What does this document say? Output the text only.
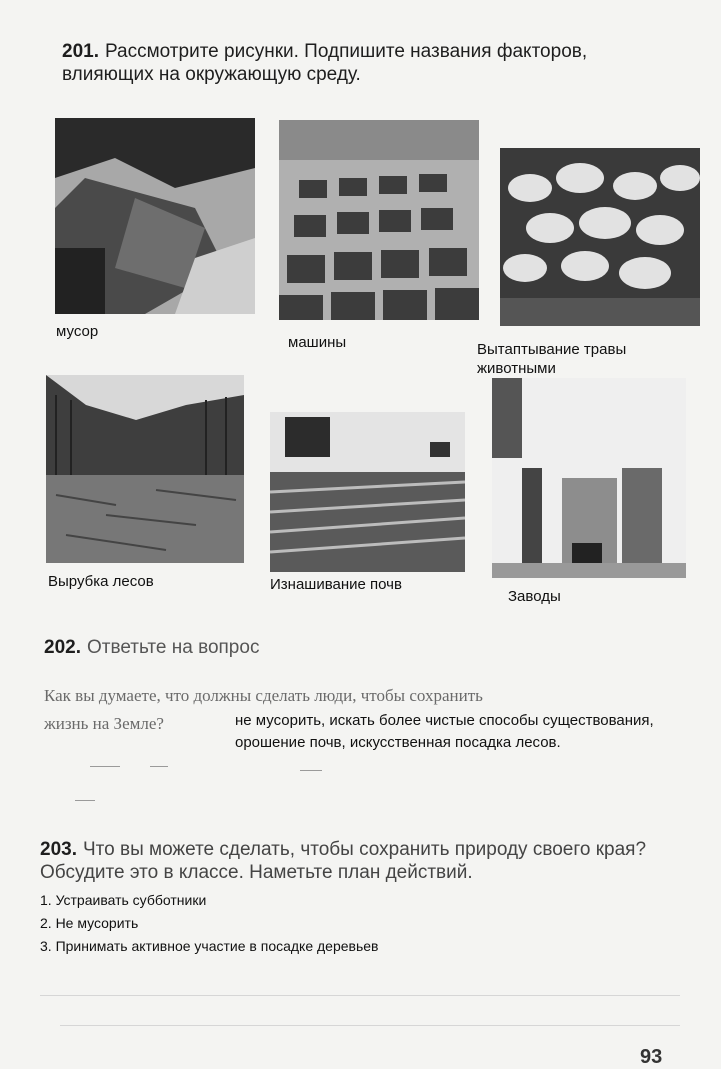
201. Рассмотрите рисунки. Подпишите названия факторов, влияющих на окружающую среду.
мусор
машины	Вытаптывание травы животными
Вырубка лесов	Изнашивание почв
Заводы
202. Ответьте на вопрос
Как вы думаете, что должны сделать люди, чтобы сохранить
жизнь на Земле?	не мусорить, искать более чистые способы существования, орошение почв, искусственная посадка лесов.
203. Что вы можете сделать, чтобы сохранить природу своего края? Обсудите это в классе. Наметьте план действий.
1. Устраивать субботники
2. Не мусорить
3. Принимать активное участие в посадке деревьев
93
